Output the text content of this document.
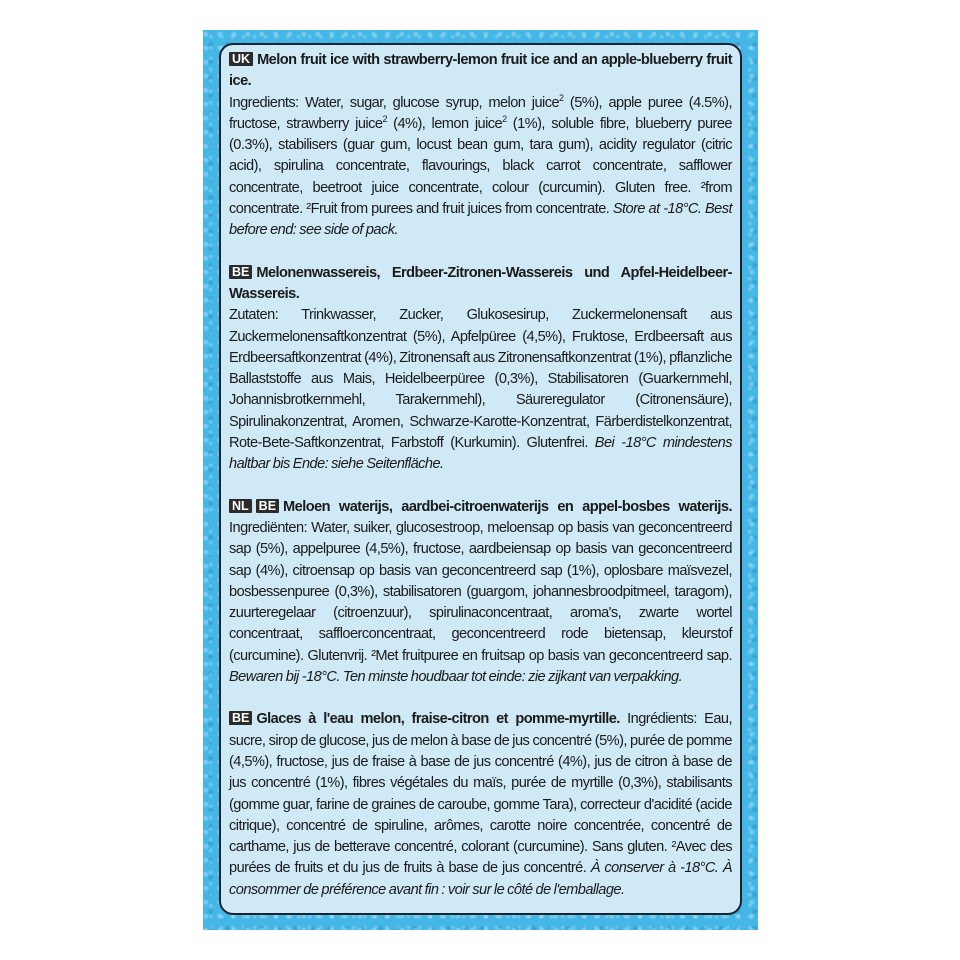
UK Melon fruit ice with strawberry-lemon fruit ice and an apple-blueberry fruit ice.
Ingredients: Water, sugar, glucose syrup, melon juice$^2$ (5%), apple puree (4.5%), fructose, strawberry juice$^2$ (4%), lemon juice$^2$ (1%), soluble fibre, blueberry puree (0.3%), stabilisers (guar gum, locust bean gum, tara gum), acidity regulator (citric acid), spirulina concentrate, flavourings, black carrot concentrate, safflower concentrate, beetroot juice concentrate, colour (curcumin). Gluten free. ²from concentrate. ²Fruit from purees and fruit juices from concentrate. Store at -18°C. Best before end: see side of pack.

BE Melonenwassereis, Erdbeer-Zitronen-Wassereis und Apfel-Heidelbeer-Wassereis.
Zutaten: Trinkwasser, Zucker, Glukosesirup, Zuckermelonensaft aus Zuckermelonensaftkonzentrat (5%), Apfelpüree (4,5%), Fruktose, Erdbeersaft aus Erdbeersaftkonzentrat (4%), Zitronensaft aus Zitronensaftkonzentrat (1%), pflanzliche Ballaststoffe aus Mais, Heidelbeerpüree (0,3%), Stabilisatoren (Guarkernmehl, Johannisbrotkernmehl, Tarakernmehl), Säureregulator (Citronensäure), Spirulinakonzentrat, Aromen, Schwarze-Karotte-Konzentrat, Färberdistelkonzentrat, Rote-Bete-Saftkonzentrat, Farbstoff (Kurkumin). Glutenfrei. Bei -18°C mindestens haltbar bis Ende: siehe Seitenfläche.

NL BE Meloen waterijs, aardbei-citroenwaterijs en appel-bosbes waterijs. Ingrediënten: Water, suiker, glucosestroop, meloensap op basis van geconcentreerd sap (5%), appelpuree (4,5%), fructose, aardbeiensap op basis van geconcentreerd sap (4%), citroensap op basis van geconcentreerd sap (1%), oplosbare maïsvezel, bosbessenpuree (0,3%), stabilisatoren (guargom, johannesbroodpitmeel, taragom), zuurteregelaar (citroenzuur), spirulinaconcentraat, aroma's, zwarte wortel concentraat, saffloerconcentraat, geconcentreerd rode bietensap, kleurstof (curcumine). Glutenvrij. ²Met fruitpuree en fruitsap op basis van geconcentreerd sap. Bewaren bij -18°C. Ten minste houdbaar tot einde: zie zijkant van verpakking.

BE Glaces à l'eau melon, fraise-citron et pomme-myrtille. Ingrédients: Eau, sucre, sirop de glucose, jus de melon à base de jus concentré (5%), purée de pomme (4,5%), fructose, jus de fraise à base de jus concentré (4%), jus de citron à base de jus concentré (1%), fibres végétales du maïs, purée de myrtille (0,3%), stabilisants (gomme guar, farine de graines de caroube, gomme Tara), correcteur d'acidité (acide citrique), concentré de spiruline, arômes, carotte noire concentrée, concentré de carthame, jus de betterave concentré, colorant (curcumine). Sans gluten. ²Avec des purées de fruits et du jus de fruits à base de jus concentré. À conserver à -18°C. À consommer de préférence avant fin : voir sur le côté de l'emballage.
